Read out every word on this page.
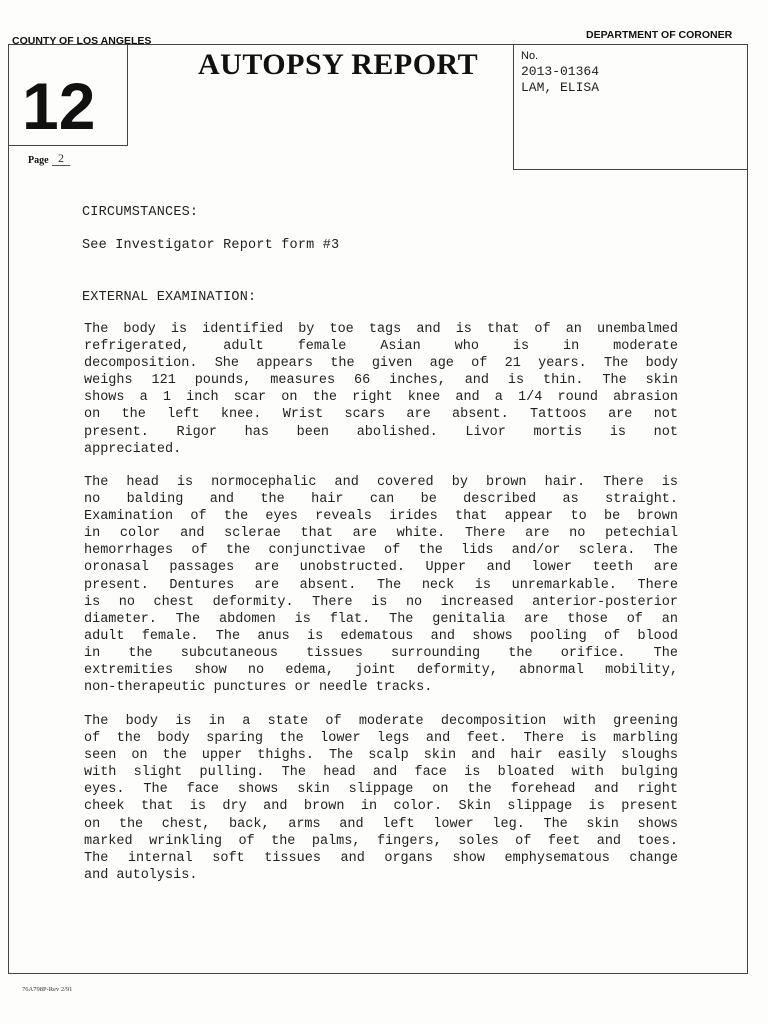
COUNTY OF LOS ANGELES	DEPARTMENT OF CORONER
12
AUTOPSY REPORT	No.
2013-01364
LAM, ELISA
Page 2
CIRCUMSTANCES:
See Investigator Report form #3
EXTERNAL EXAMINATION:
The body is identified by toe tags and is that of an unembalmed
refrigerated, adult female Asian who is in moderate
decomposition. She appears the given age of 21 years. The body
weighs 121 pounds, measures 66 inches, and is thin. The skin
shows a 1 inch scar on the right knee and a 1/4 round abrasion
on the left knee. Wrist scars are absent. Tattoos are not
present. Rigor has been abolished. Livor mortis is not
appreciated.
The head is normocephalic and covered by brown hair. There is
no balding and the hair can be described as straight.
Examination of the eyes reveals irides that appear to be brown
in color and sclerae that are white. There are no petechial
hemorrhages of the conjunctivae of the lids and/or sclera. The
oronasal passages are unobstructed. Upper and lower teeth are
present. Dentures are absent. The neck is unremarkable. There
is no chest deformity. There is no increased anterior-posterior
diameter. The abdomen is flat. The genitalia are those of an
adult female. The anus is edematous and shows pooling of blood
in the subcutaneous tissues surrounding the orifice. The
extremities show no edema, joint deformity, abnormal mobility,
non-therapeutic punctures or needle tracks.
The body is in a state of moderate decomposition with greening
of the body sparing the lower legs and feet. There is marbling
seen on the upper thighs. The scalp skin and hair easily sloughs
with slight pulling. The head and face is bloated with bulging
eyes. The face shows skin slippage on the forehead and right
cheek that is dry and brown in color. Skin slippage is present
on the chest, back, arms and left lower leg. The skin shows
marked wrinkling of the palms, fingers, soles of feet and toes.
The internal soft tissues and organs show emphysematous change
and autolysis.
76A798P-Rev 2/91
